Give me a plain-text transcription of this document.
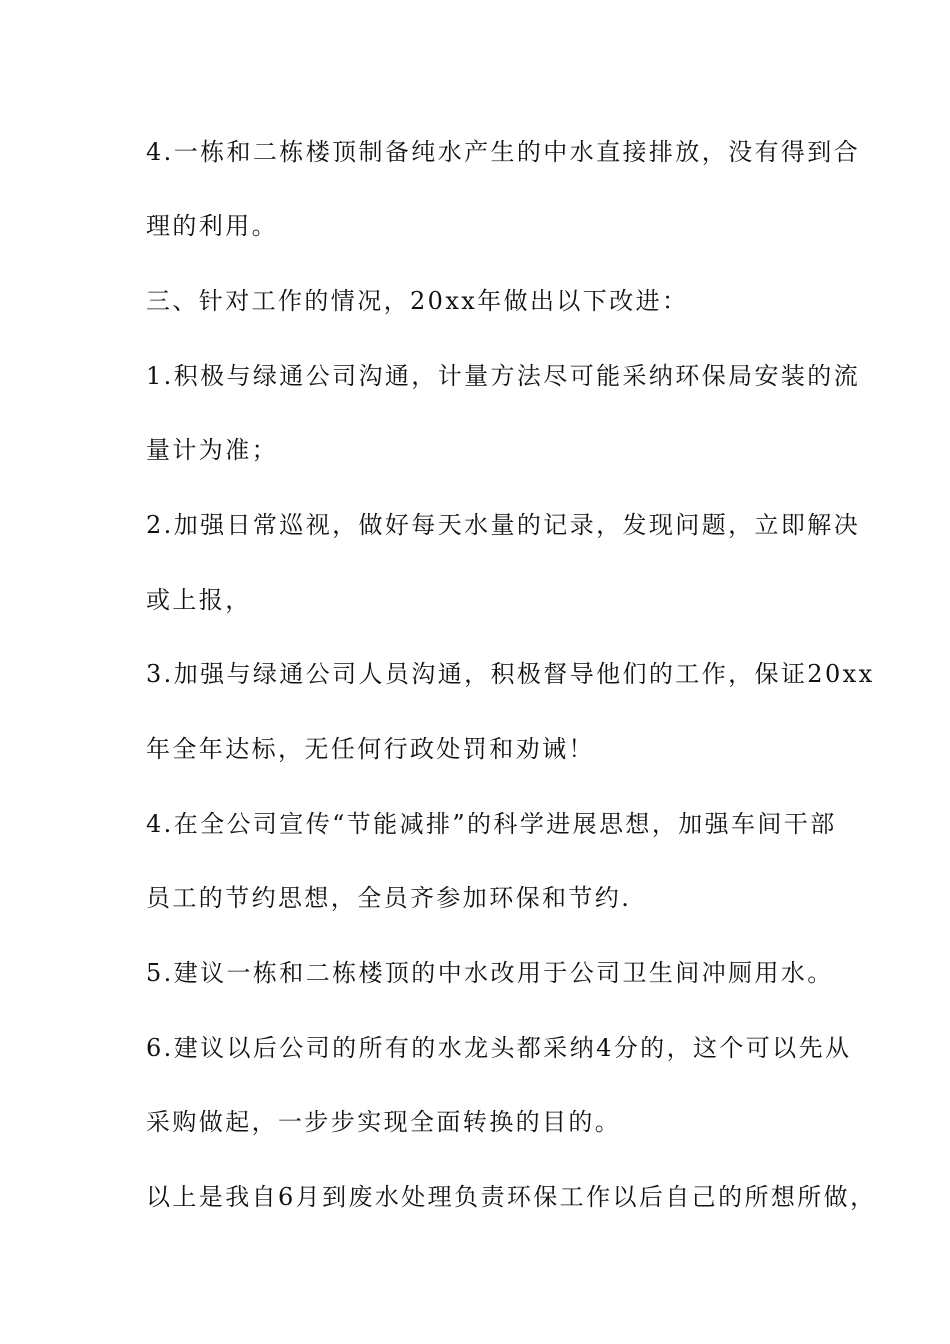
4.一栋和二栋楼顶制备纯水产生的中水直接排放，没有得到合
理的利用。
三、针对工作的情况，20xx年做出以下改进：
1.积极与绿通公司沟通，计量方法尽可能采纳环保局安装的流
量计为准；
2.加强日常巡视，做好每天水量的记录，发现问题，立即解决
或上报，
3.加强与绿通公司人员沟通，积极督导他们的工作，保证20xx
年全年达标，无任何行政处罚和劝诫！
4.在全公司宣传“节能减排”的科学进展思想，加强车间干部
员工的节约思想，全员齐参加环保和节约.
5.建议一栋和二栋楼顶的中水改用于公司卫生间冲厕用水。
6.建议以后公司的所有的水龙头都采纳4分的，这个可以先从
采购做起，一步步实现全面转换的目的。
以上是我自6月到废水处理负责环保工作以后自己的所想所做，
